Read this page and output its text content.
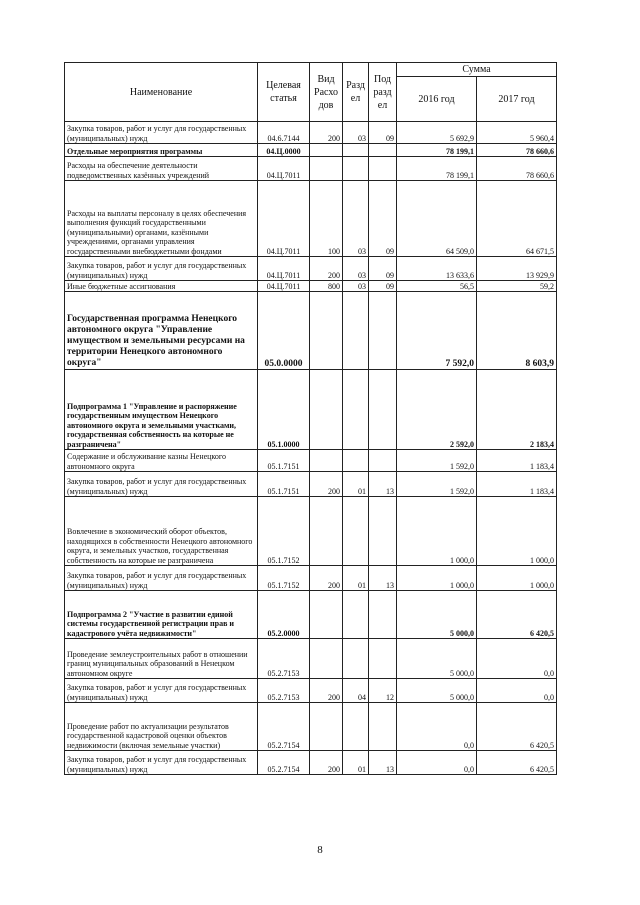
Наименование	Целевая статья	Вид Расхо дов	Разд ел	Под разд ел	Сумма	
					2016 год	2017 год
Закупка товаров, работ и услуг для государственных (муниципальных) нужд	04.6.7144	200	03	09	5 692,9	5 960,4
Отдельные мероприятия программы	04.Ц.0000				78 199,1	78 660,6
Расходы на обеспечение деятельности подведомственных казённых учреждений	04.Ц.7011				78 199,1	78 660,6
Расходы на выплаты персоналу в целях обеспечения выполнения функций государственными (муниципальными) органами, казёнными учреждениями, органами управления государственными внебюджетными фондами	04.Ц.7011	100	03	09	64 509,0	64 671,5
Закупка товаров, работ и услуг для государственных (муниципальных) нужд	04.Ц.7011	200	03	09	13 633,6	13 929,9
Иные бюджетные ассигнования	04.Ц.7011	800	03	09	56,5	59,2
Государственная программа Ненецкого автономного округа "Управление имуществом и земельными ресурсами на территории Ненецкого автономного округа"	05.0.0000				7 592,0	8 603,9
Подпрограмма 1 "Управление и распоряжение государственным имуществом Ненецкого автономного округа и земельными участками, государственная собственность на которые не разграничена"	05.1.0000				2 592,0	2 183,4
Содержание и обслуживание казны Ненецкого автономного округа	05.1.7151				1 592,0	1 183,4
Закупка товаров, работ и услуг для государственных (муниципальных) нужд	05.1.7151	200	01	13	1 592,0	1 183,4
Вовлечение в экономический оборот объектов, находящихся в собственности Ненецкого автономного округа, и земельных участков, государственная собственность на которые не разграничена	05.1.7152				1 000,0	1 000,0
Закупка товаров, работ и услуг для государственных (муниципальных) нужд	05.1.7152	200	01	13	1 000,0	1 000,0
Подпрограмма 2 "Участие в развитии единой системы государственной регистрации прав и кадастрового учёта недвижимости"	05.2.0000				5 000,0	6 420,5
Проведение землеустроительных работ в отношении границ муниципальных образований в Ненецком автономном округе	05.2.7153				5 000,0	0,0
Закупка товаров, работ и услуг для государственных (муниципальных) нужд	05.2.7153	200	04	12	5 000,0	0,0
Проведение работ по актуализации результатов государственной кадастровой оценки объектов недвижимости (включая земельные участки)	05.2.7154				0,0	6 420,5
Закупка товаров, работ и услуг для государственных (муниципальных) нужд	05.2.7154	200	01	13	0,0	6 420,5
8
